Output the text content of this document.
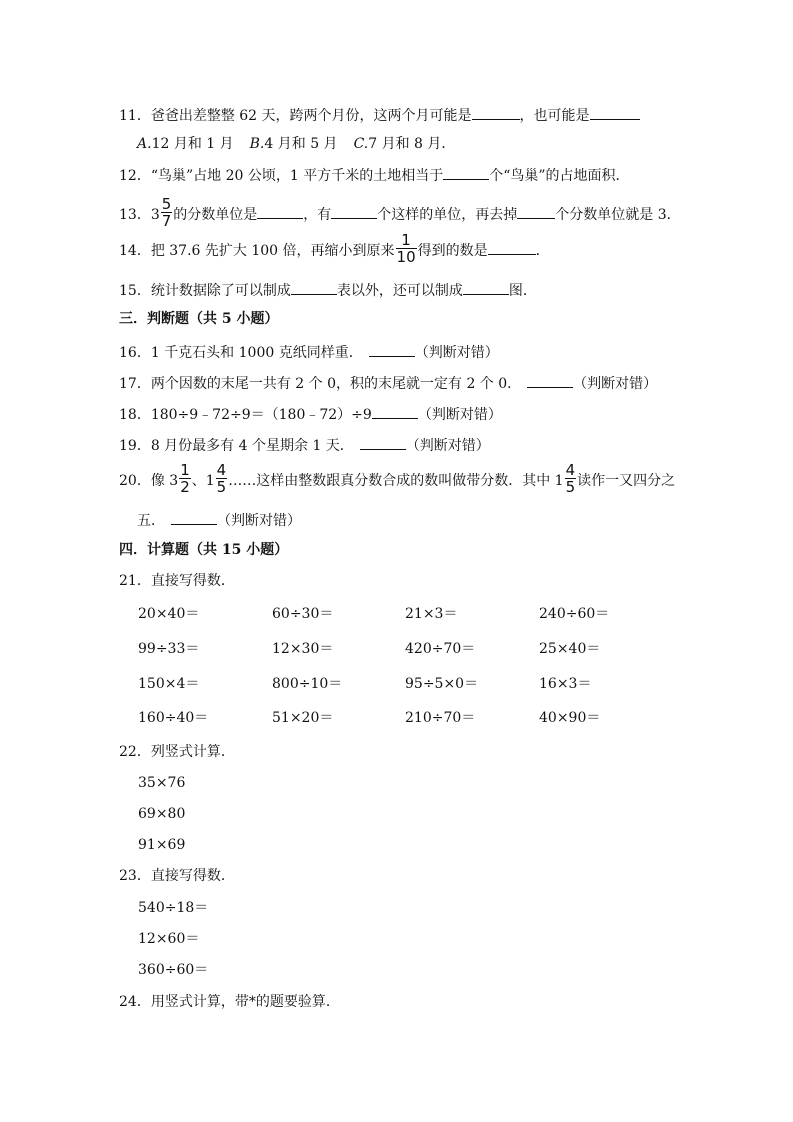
11．爸爸出差整整 62 天，跨两个月份，这两个月可能是	，也可能是
A.12 月和 1 月 B.4 月和 5 月 C.7 月和 8 月．
12．“鸟巢”占地 20 公顷，1 平方千米的土地相当于	个“鸟巢”的占地面积．
13．$3 \frac{5}{7}$ 的分数单位是	，有	个这样的单位，再去掉	个分数单位就是 3．
14．把 37.6 先扩大 100 倍，再缩小到原来 $\frac{1}{10}$ 得到的数是	．
15．统计数据除了可以制成	表以外，还可以制成	图．
三．判断题（共 5 小题）
16．1 千克石头和 1000 克纸同样重．	（判断对错）
17．两个因数的末尾一共有 2 个 0，积的末尾就一定有 2 个 0．	（判断对错）
18．180÷9﹣72÷9＝（180﹣72）÷9	（判断对错）
19．8 月份最多有 4 个星期余 1 天．	（判断对错）
20．像 $3 \frac{1}{2}$ 、$1 \frac{4}{5}$ ……这样由整数跟真分数合成的数叫做带分数．其中 $1 \frac{4}{5}$ 读作一又四分之
五．	（判断对错）
四．计算题（共 15 小题）
21．直接写得数．
20×40＝	60÷30＝	21×3＝	240÷60＝
99÷33＝	12×30＝	420÷70＝	25×40＝
150×4＝	800÷10＝	95÷5×0＝	16×3＝
160÷40＝	51×20＝	210÷70＝	40×90＝
22．列竖式计算．
35×76
69×80
91×69
23．直接写得数．
540÷18＝
12×60＝
360÷60＝
24．用竖式计算，带*的题要验算．
